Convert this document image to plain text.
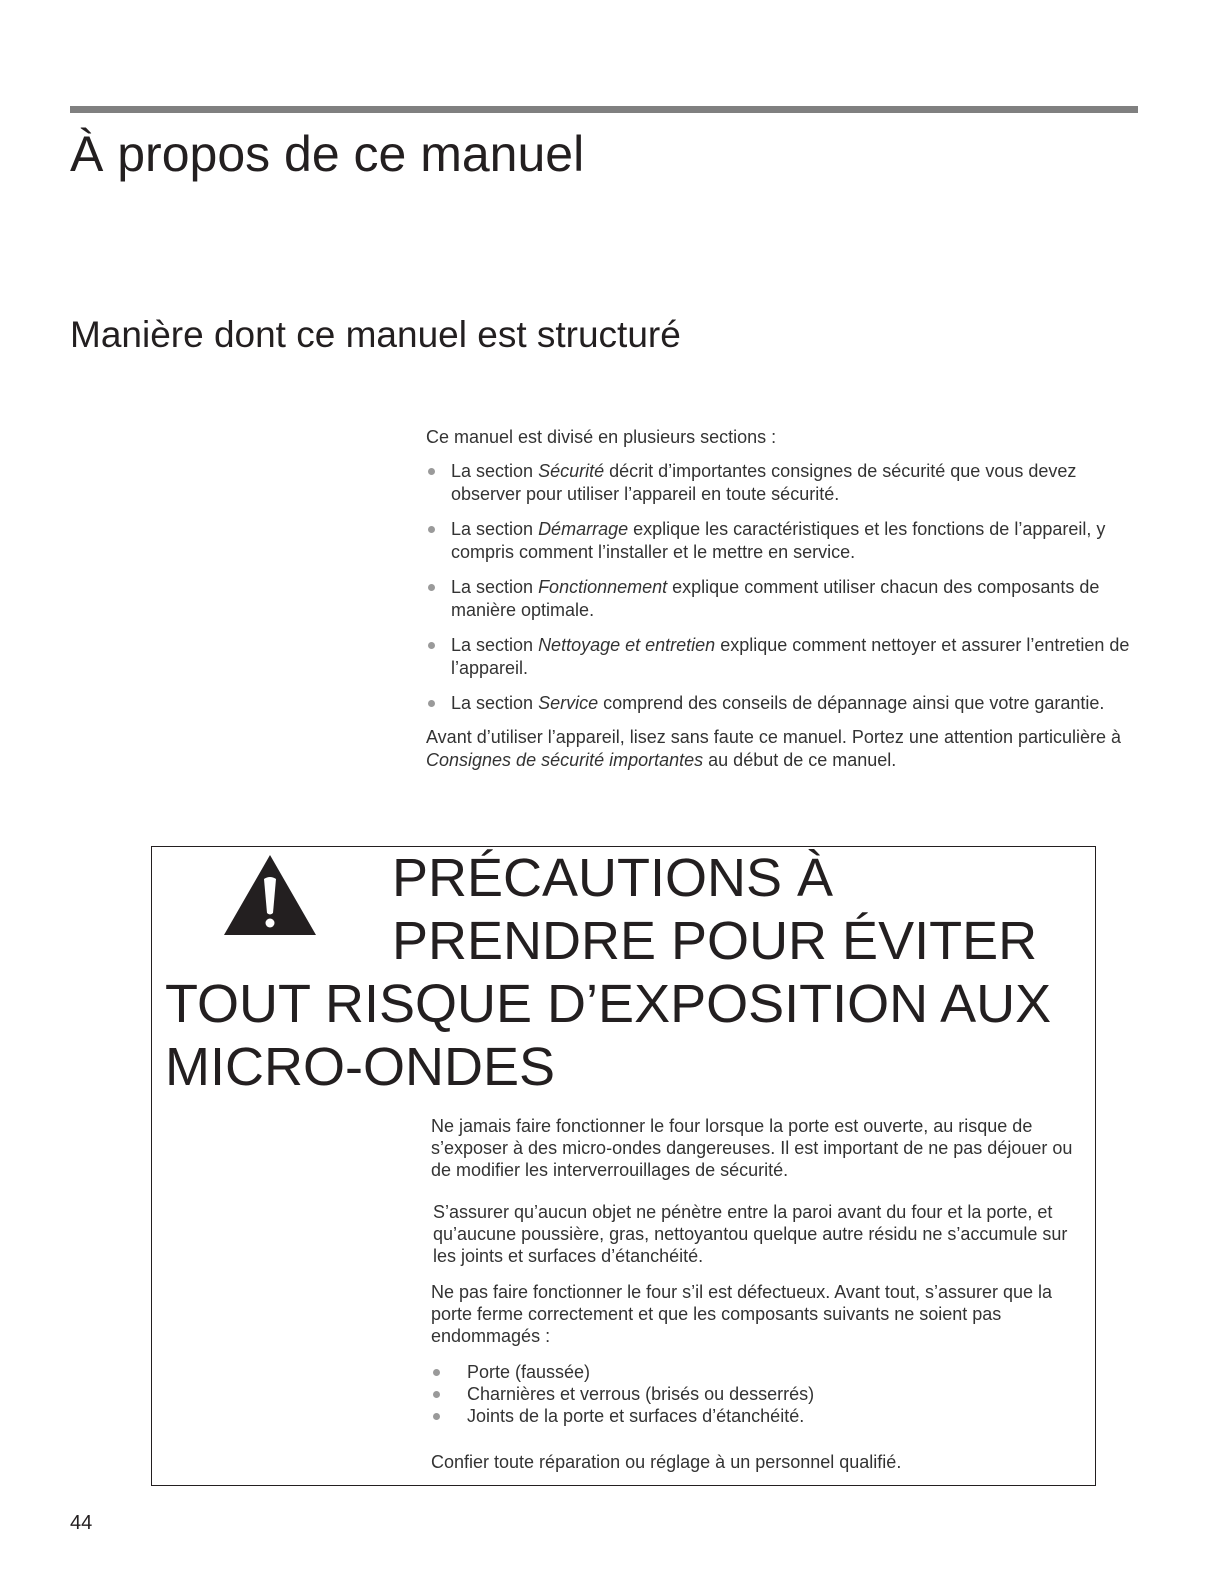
À propos de ce manuel
Manière dont ce manuel est structuré

Ce manuel est divisé en plusieurs sections :

La section Sécurité décrit d’importantes consignes de sécurité que vous devez observer pour utiliser l’appareil en toute sécurité.
La section Démarrage explique les caractéristiques et les fonctions de l’appareil, y compris comment l’installer et le mettre en service.
La section Fonctionnement explique comment utiliser chacun des composants de manière optimale.
La section Nettoyage et entretien explique comment nettoyer et assurer l’entretien de l’appareil.
La section Service comprend des conseils de dépannage ainsi que votre garantie.

Avant d’utiliser l’appareil, lisez sans faute ce manuel. Portez une attention particulière à Consignes de sécurité importantes au début de ce manuel.

PRÉCAUTIONS À
PRENDRE POUR ÉVITER
TOUT RISQUE D’EXPOSITION AUX
MICRO-ONDES

Ne jamais faire fonctionner le four lorsque la porte est ouverte, au risque de s’exposer à des micro-ondes dangereuses. Il est important de ne pas déjouer ou de modifier les interverrouillages de sécurité.

S’assurer qu’aucun objet ne pénètre entre la paroi avant du four et la porte, et qu’aucune poussière, gras, nettoyantou quelque autre résidu ne s’accumule sur les joints et surfaces d’étanchéité.

Ne pas faire fonctionner le four s’il est défectueux. Avant tout, s’assurer que la porte ferme correctement et que les composants suivants ne soient pas endommagés :

Porte (faussée)
Charnières et verrous (brisés ou desserrés)
Joints de la porte et surfaces d’étanchéité.

Confier toute réparation ou réglage à un personnel qualifié.

44
